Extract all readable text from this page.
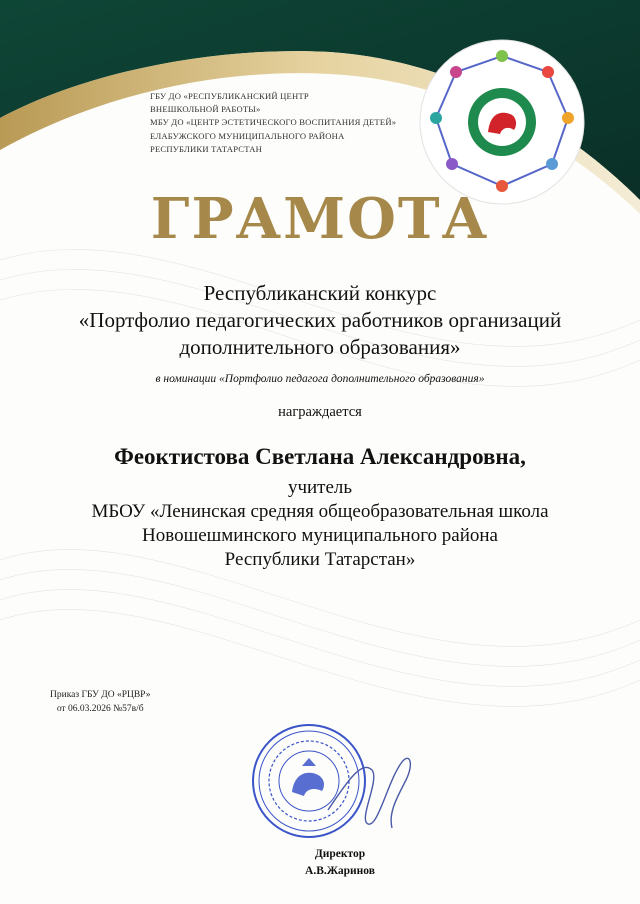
ГБУ ДО «РЕСПУБЛИКАНСКИЙ ЦЕНТР
ВНЕШКОЛЬНОЙ РАБОТЫ»
МБУ ДО «ЦЕНТР ЭСТЕТИЧЕСКОГО ВОСПИТАНИЯ ДЕТЕЙ»
ЕЛАБУЖСКОГО МУНИЦИПАЛЬНОГО РАЙОНА
РЕСПУБЛИКИ ТАТАРСТАН
ГРАМОТА
Республиканский конкурс
«Портфолио педагогических работников организаций
дополнительного образования»
в номинации «Портфолио педагога дополнительного образования»
награждается
Феоктистова Светлана Александровна,
учитель
МБОУ «Ленинская средняя общеобразовательная школа
Новошешминского муниципального района
Республики Татарстан»
Приказ ГБУ ДО «РЦВР»
от 06.03.2026 №57в/б
Директор
А.В.Жаринов
